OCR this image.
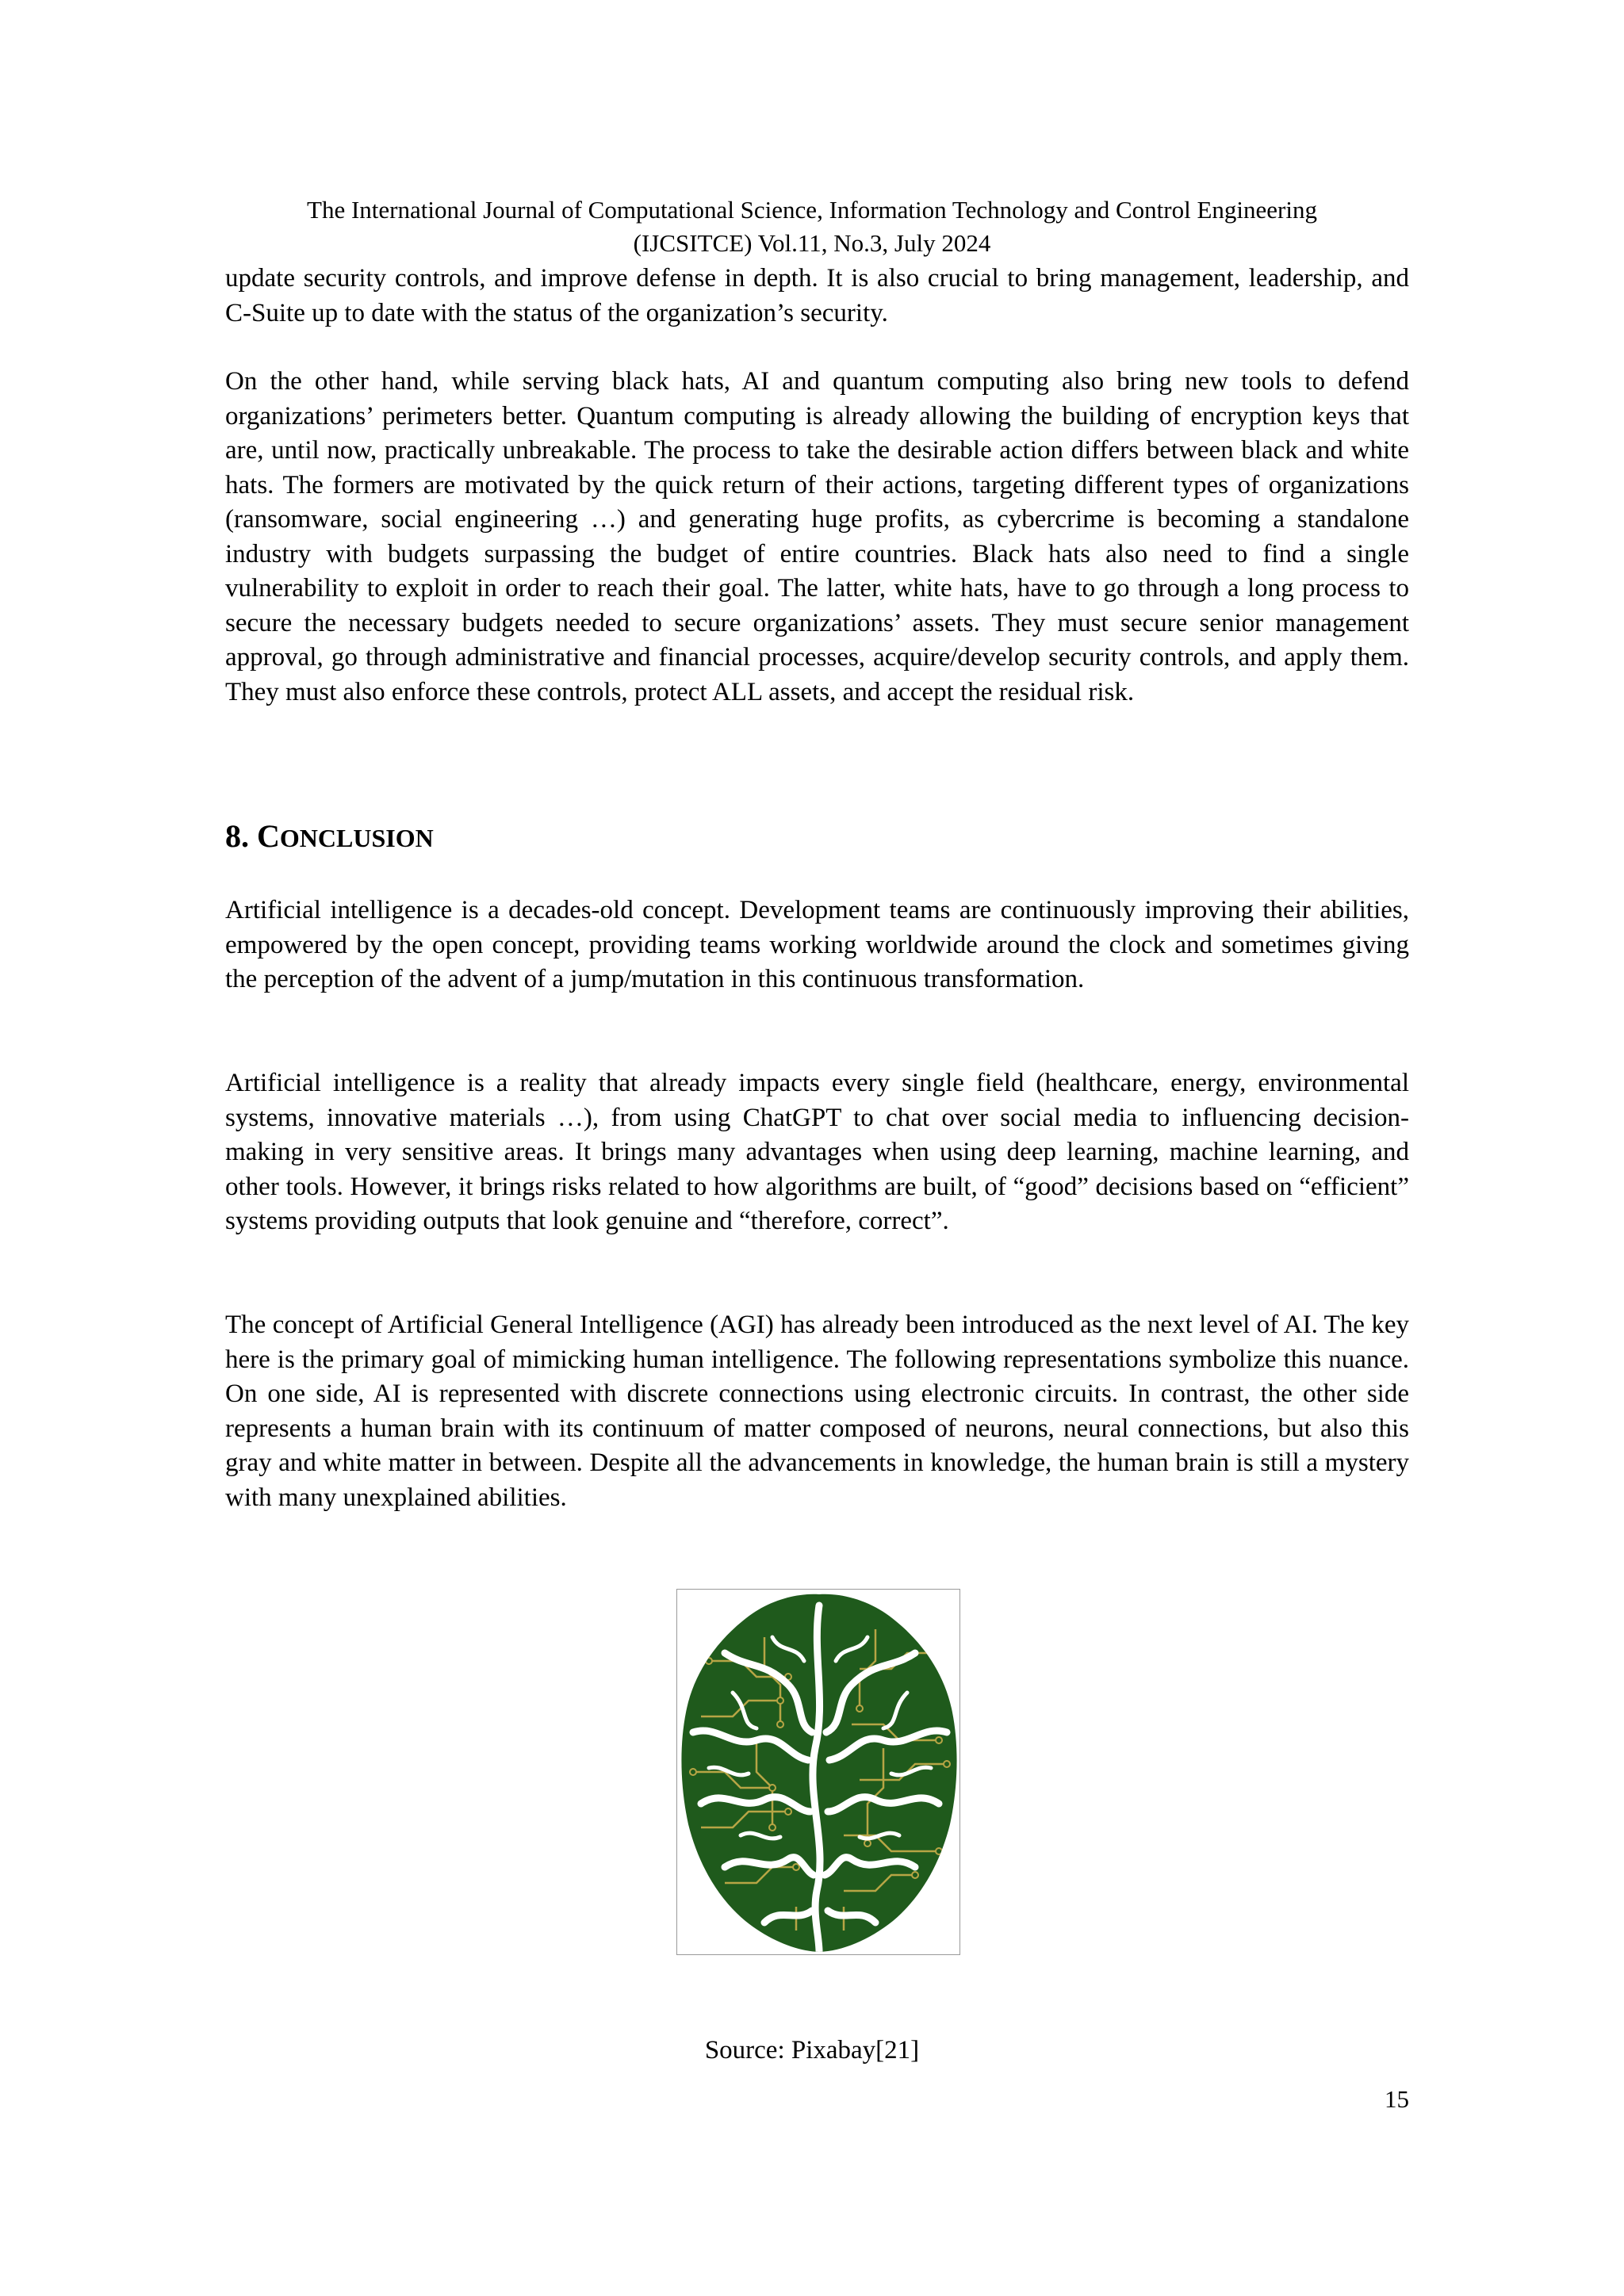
The International Journal of Computational Science, Information Technology and Control Engineering
(IJCSITCE) Vol.11, No.3, July 2024

update security controls, and improve defense in depth. It is also crucial to bring management, leadership, and C-Suite up to date with the status of the organization’s security.

On the other hand, while serving black hats, AI and quantum computing also bring new tools to defend organizations’ perimeters better. Quantum computing is already allowing the building of encryption keys that are, until now, practically unbreakable. The process to take the desirable action differs between black and white hats. The formers are motivated by the quick return of their actions, targeting different types of organizations (ransomware, social engineering …) and generating huge profits, as cybercrime is becoming a standalone industry with budgets surpassing the budget of entire countries. Black hats also need to find a single vulnerability to exploit in order to reach their goal. The latter, white hats, have to go through a long process to secure the necessary budgets needed to secure organizations’ assets. They must secure senior management approval, go through administrative and financial processes, acquire/develop security controls, and apply them. They must also enforce these controls, protect ALL assets, and accept the residual risk.

8. CONCLUSION

Artificial intelligence is a decades-old concept. Development teams are continuously improving their abilities, empowered by the open concept, providing teams working worldwide around the clock and sometimes giving the perception of the advent of a jump/mutation in this continuous transformation.

Artificial intelligence is a reality that already impacts every single field (healthcare, energy, environmental systems, innovative materials …), from using ChatGPT to chat over social media to influencing decision-making in very sensitive areas. It brings many advantages when using deep learning, machine learning, and other tools. However, it brings risks related to how algorithms are built, of “good” decisions based on “efficient” systems providing outputs that look genuine and “therefore, correct”.

The concept of Artificial General Intelligence (AGI) has already been introduced as the next level of AI. The key here is the primary goal of mimicking human intelligence. The following representations symbolize this nuance. On one side, AI is represented with discrete connections using electronic circuits. In contrast, the other side represents a human brain with its continuum of matter composed of neurons, neural connections, but also this gray and white matter in between. Despite all the advancements in knowledge, the human brain is still a mystery with many unexplained abilities.

Source: Pixabay[21]
15
